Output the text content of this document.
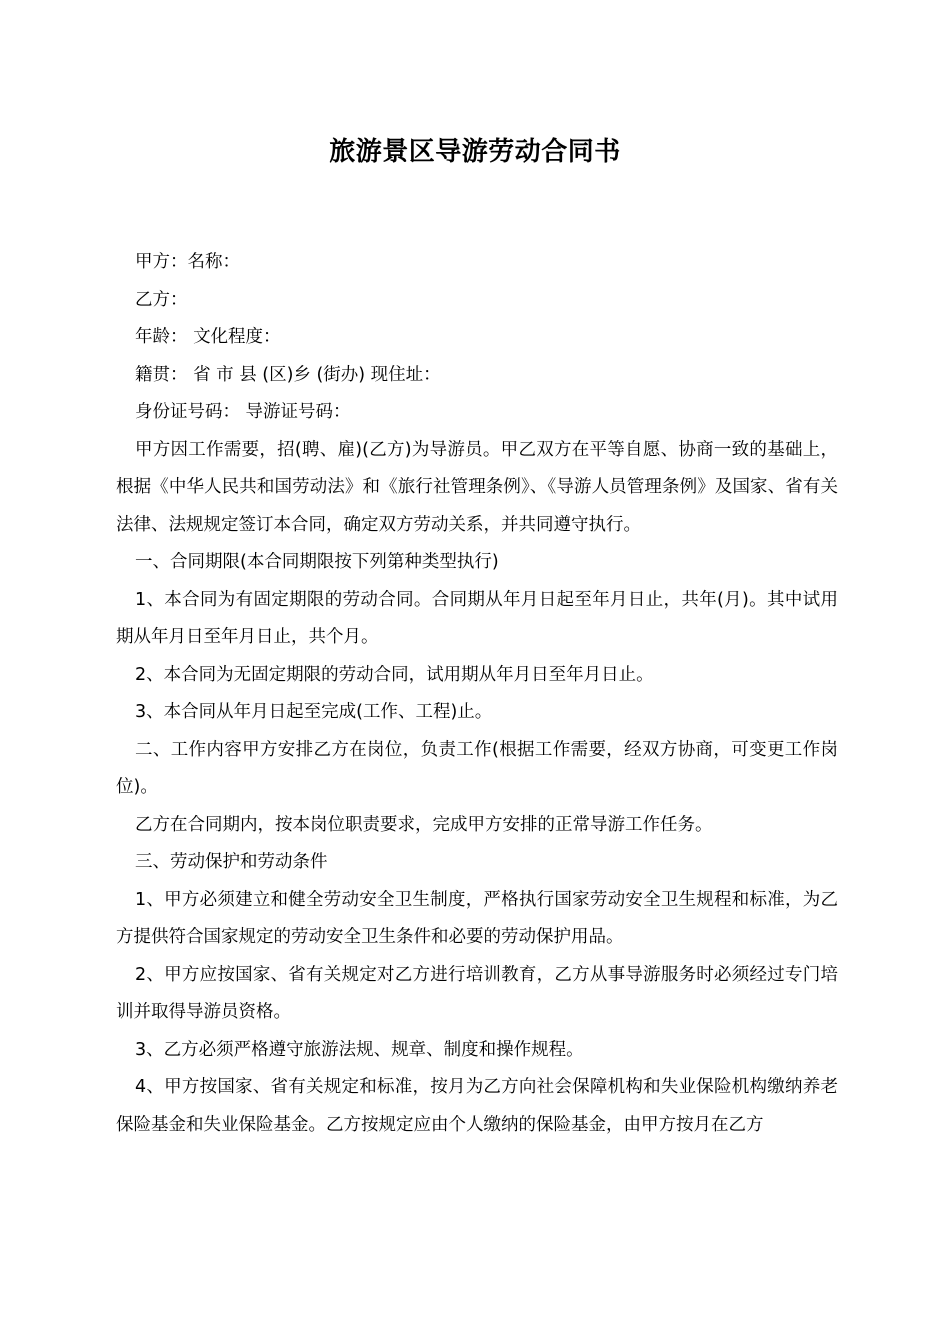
旅游景区导游劳动合同书

甲方：名称：

乙方：

年龄： 文化程度：

籍贯： 省 市 县 (区)乡 (街办) 现住址：

身份证号码： 导游证号码：

甲方因工作需要，招(聘、雇)(乙方)为导游员。甲乙双方在平等自愿、协商一致的基础上，根据《中华人民共和国劳动法》和《旅行社管理条例》、《导游人员管理条例》及国家、省有关法律、法规规定签订本合同，确定双方劳动关系，并共同遵守执行。

一、合同期限(本合同期限按下列第种类型执行)

1、本合同为有固定期限的劳动合同。合同期从年月日起至年月日止，共年(月)。其中试用期从年月日至年月日止，共个月。

2、本合同为无固定期限的劳动合同，试用期从年月日至年月日止。

3、本合同从年月日起至完成(工作、工程)止。

二、工作内容甲方安排乙方在岗位，负责工作(根据工作需要，经双方协商，可变更工作岗位)。

乙方在合同期内，按本岗位职责要求，完成甲方安排的正常导游工作任务。

三、劳动保护和劳动条件

1、甲方必须建立和健全劳动安全卫生制度，严格执行国家劳动安全卫生规程和标准，为乙方提供符合国家规定的劳动安全卫生条件和必要的劳动保护用品。

2、甲方应按国家、省有关规定对乙方进行培训教育，乙方从事导游服务时必须经过专门培训并取得导游员资格。

3、乙方必须严格遵守旅游法规、规章、制度和操作规程。

4、甲方按国家、省有关规定和标准，按月为乙方向社会保障机构和失业保险机构缴纳养老保险基金和失业保险基金。乙方按规定应由个人缴纳的保险基金，由甲方按月在乙方
